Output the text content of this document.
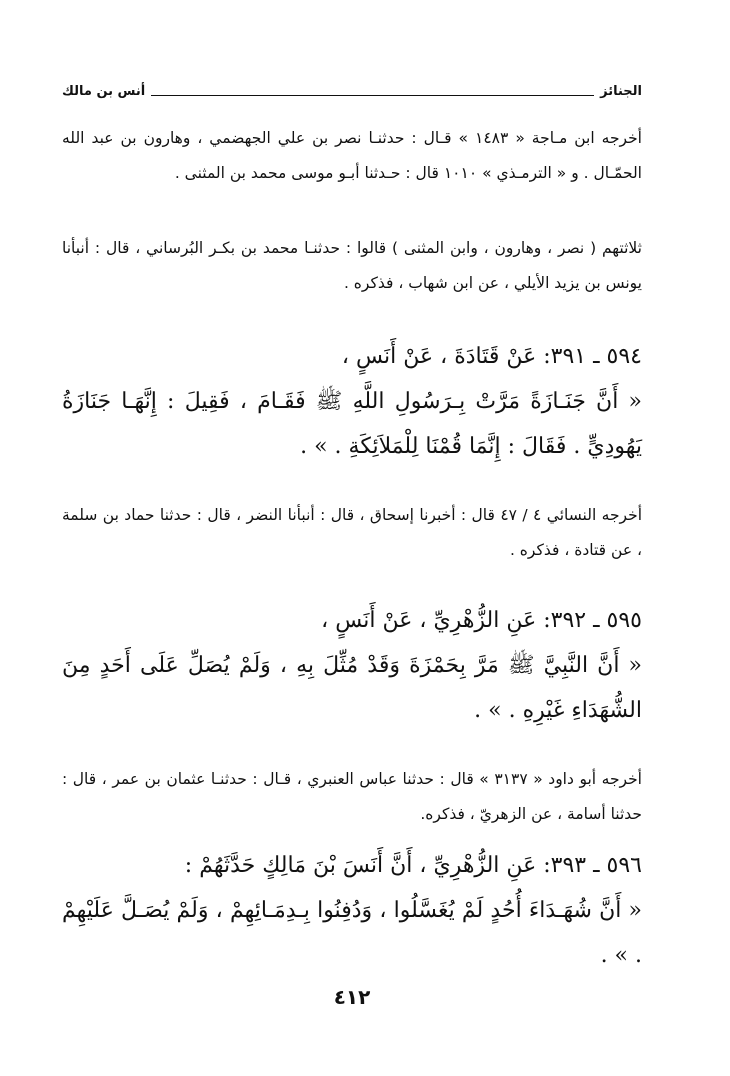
الجنائز
أنس بن مالك
أخرجه ابن مـاجة « ١٤٨٣ » قـال : حدثنـا نصر بن علي الجهضمي ، وهارون بن عبد الله الحمّـال . و « الترمـذي » ١٠١٠ قال : حـدثنا أبـو موسى محمد بن المثنى .
ثلاثتهم ( نصر ، وهارون ، وابن المثنى ) قالوا : حدثنـا محمد بن بكـر البُرساني ، قال : أنبأنا يونس بن يزيد الأيلي ، عن ابن شهاب ، فذكره .
٥٩٤ ـ ٣٩١: عَنْ قَتَادَةَ ، عَنْ أَنَسٍ ،
« أَنَّ جَنَـازَةً مَرَّتْ بِـرَسُولِ اللَّهِ ﷺ فَقَـامَ ، فَقِيلَ : إِنَّهَـا جَنَازَةُ يَهُودِيٍّ . فَقَالَ : إِنَّمَا قُمْنَا لِلْمَلاَئِكَةِ . » .
أخرجه النسائي ٤ / ٤٧ قال : أخبرنا إسحاق ، قال : أنبأنا النضر ، قال : حدثنا حماد بن سلمة ، عن قتادة ، فذكره .
٥٩٥ ـ ٣٩٢: عَنِ الزُّهْرِيِّ ، عَنْ أَنَسٍ ،
« أَنَّ النَّبِيَّ ﷺ مَرَّ بِحَمْزَةَ وَقَدْ مُثِّلَ بِهِ ، وَلَمْ يُصَلِّ عَلَى أَحَدٍ مِنَ الشُّهَدَاءِ غَيْرِهِ . » .
أخرجه أبو داود « ٣١٣٧ » قال : حدثنا عباس العنبري ، قـال : حدثنـا عثمان بن عمر ، قال : حدثنا أسامة ، عن الزهريّ ، فذكره.
٥٩٦ ـ ٣٩٣: عَنِ الزُّهْرِيِّ ، أَنَّ أَنَسَ بْنَ مَالِكٍ حَدَّثَهُمْ :
« أَنَّ شُهَـدَاءَ أُحُدٍ لَمْ يُغَسَّلُوا ، وَدُفِنُوا بِـدِمَـائِهِمْ ، وَلَمْ يُصَـلَّ عَلَيْهِمْ . » .
٤١٢
